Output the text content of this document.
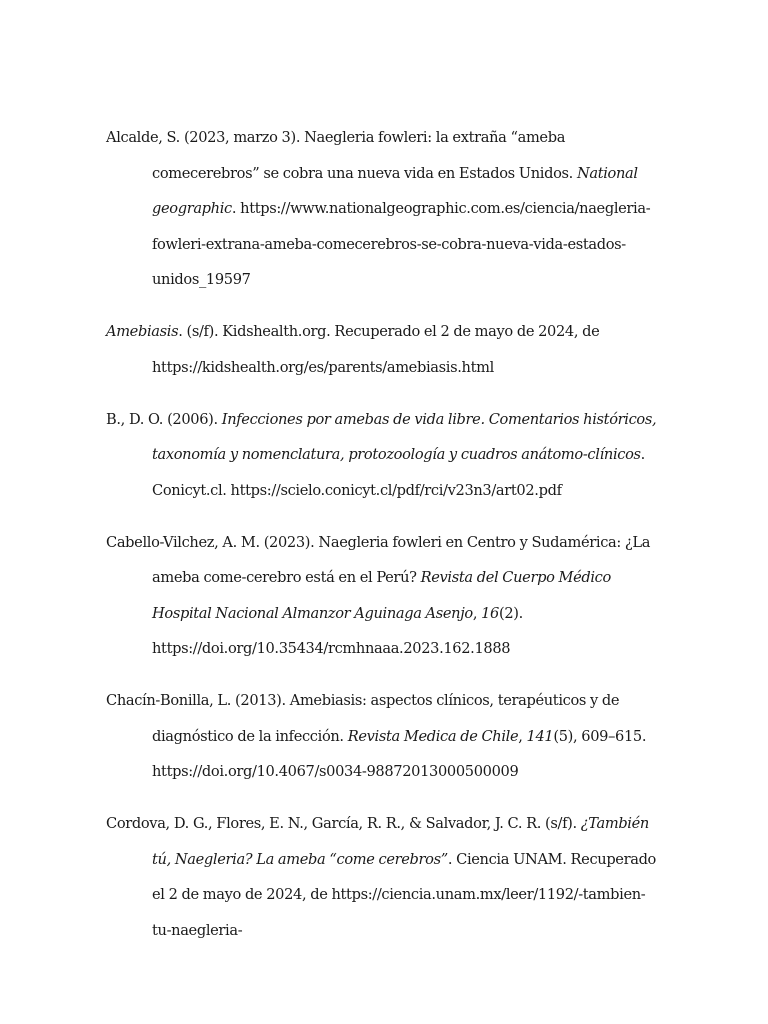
Alcalde, S. (2023, marzo 3). Naegleria fowleri: la extraña “ameba comecerebros” se cobra una nueva vida en Estados Unidos. National geographic. https://www.nationalgeographic.com.es/ciencia/naegleria-fowleri-extrana-ameba-comecerebros-se-cobra-nueva-vida-estados-unidos_19597

Amebiasis. (s/f). Kidshealth.org. Recuperado el 2 de mayo de 2024, de https://kidshealth.org/es/parents/amebiasis.html

B., D. O. (2006). Infecciones por amebas de vida libre. Comentarios históricos, taxonomía y nomenclatura, protozoología y cuadros anátomo-clínicos. Conicyt.cl. https://scielo.conicyt.cl/pdf/rci/v23n3/art02.pdf

Cabello-Vilchez, A. M. (2023). Naegleria fowleri en Centro y Sudamérica: ¿La ameba come-cerebro está en el Perú? Revista del Cuerpo Médico Hospital Nacional Almanzor Aguinaga Asenjo, 16(2). https://doi.org/10.35434/rcmhnaaa.2023.162.1888

Chacín-Bonilla, L. (2013). Amebiasis: aspectos clínicos, terapéuticos y de diagnóstico de la infección. Revista Medica de Chile, 141(5), 609–615. https://doi.org/10.4067/s0034-98872013000500009

Cordova, D. G., Flores, E. N., García, R. R., & Salvador, J. C. R. (s/f). ¿También tú, Naegleria? La ameba “come cerebros”. Ciencia UNAM. Recuperado el 2 de mayo de 2024, de https://ciencia.unam.mx/leer/1192/-tambien-tu-naegleria-
